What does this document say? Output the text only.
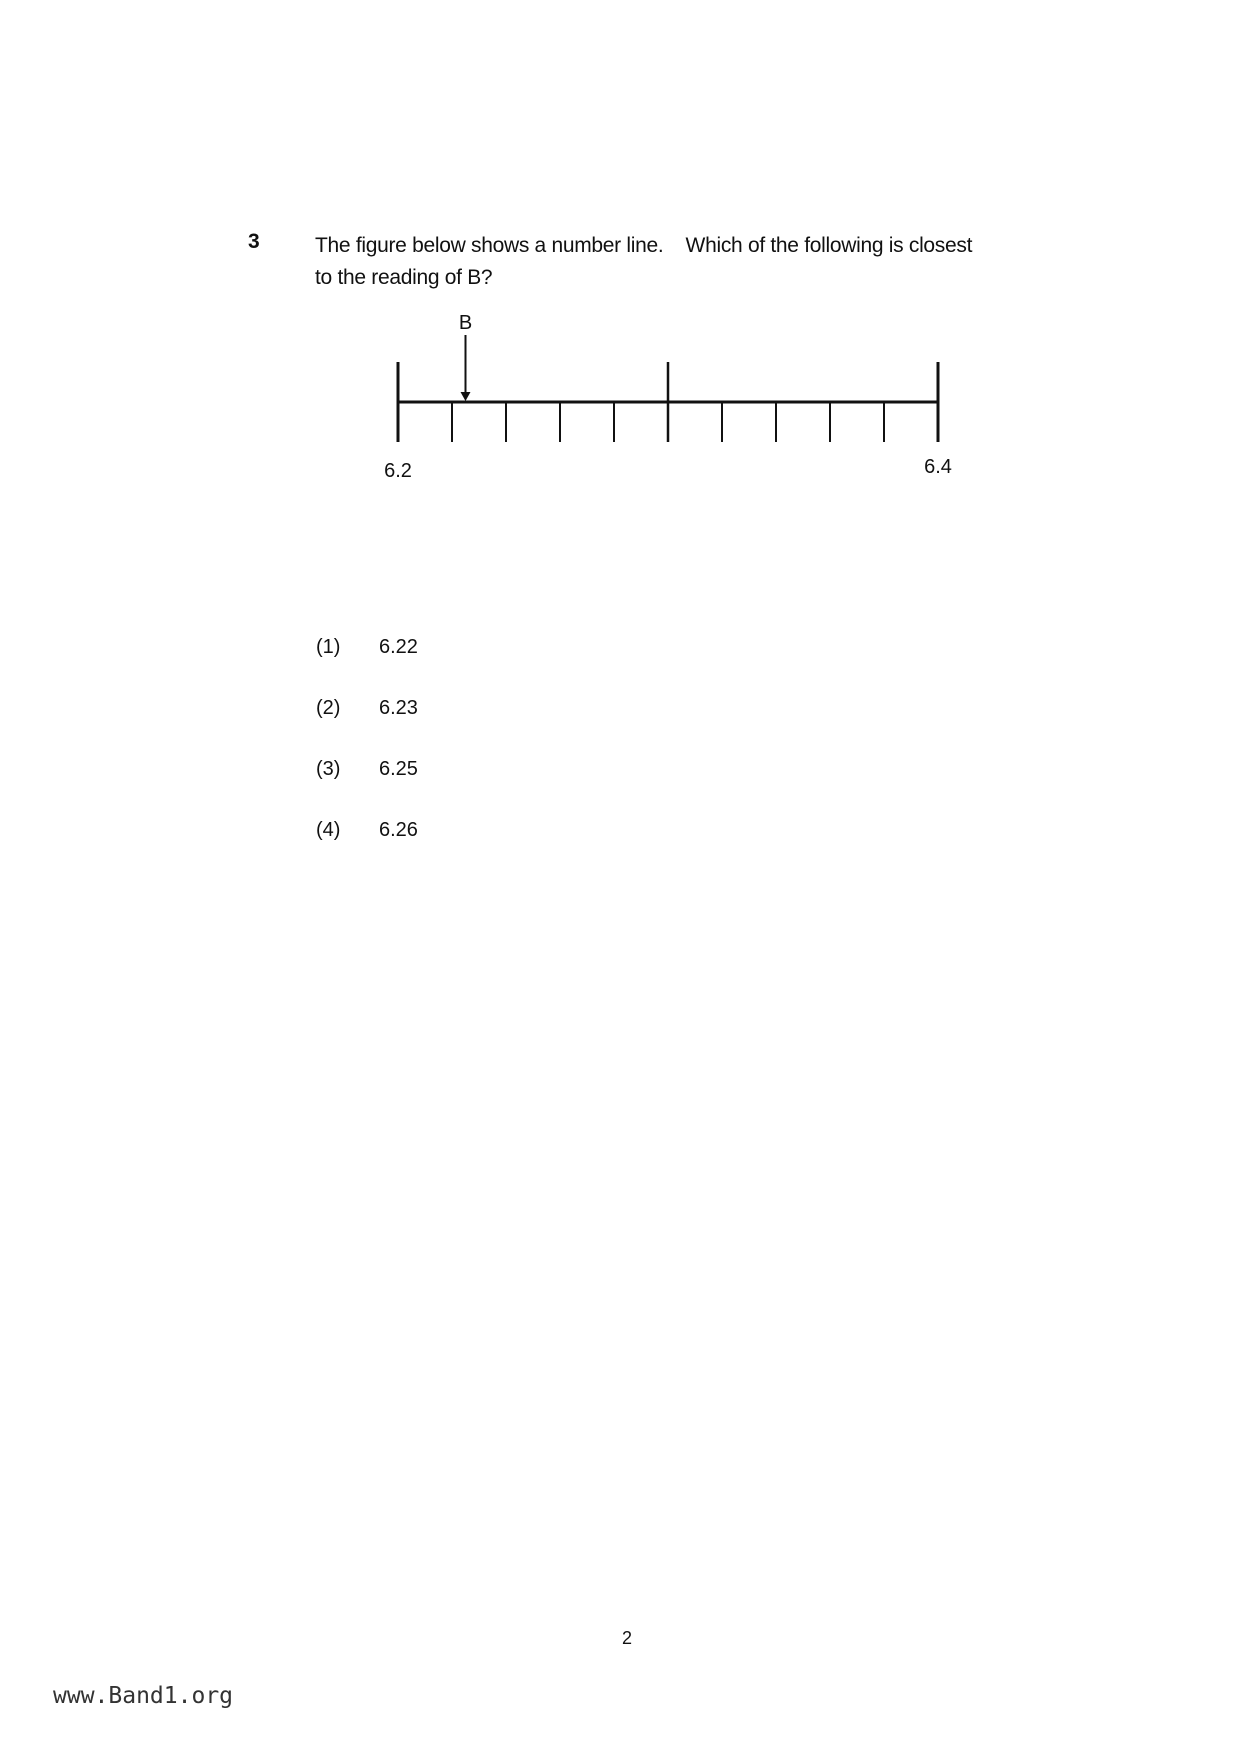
3	The figure below shows a number line.    Which of the following is closest
to the reading of B?
B
6.2	6.4
(1) 6.22
(2) 6.23
(3) 6.25
(4) 6.26
2
www.Band1.org
